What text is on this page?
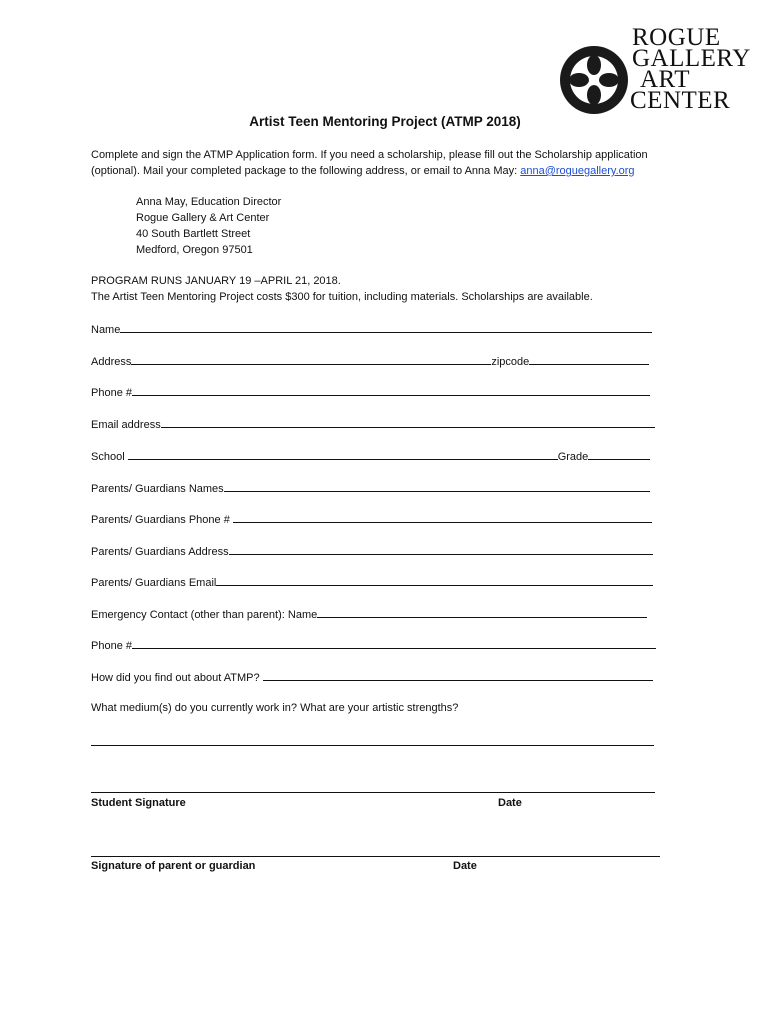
ROGUE
GALLERY
ART
CENTER
Artist Teen Mentoring Project (ATMP 2018)
Complete and sign the ATMP Application form. If you need a scholarship, please fill out the Scholarship application
(optional). Mail your completed package to the following address, or email to Anna May: anna@roguegallery.org
Anna May, Education Director
Rogue Gallery & Art Center
40 South Bartlett Street
Medford, Oregon 97501
PROGRAM RUNS JANUARY 19 –APRIL 21, 2018.
The Artist Teen Mentoring Project costs $300 for tuition, including materials. Scholarships are available.
Name
Address	zipcode
Phone #
Email address
School	Grade
Parents/ Guardians Names
Parents/ Guardians Phone #
Parents/ Guardians Address
Parents/ Guardians Email
Emergency Contact (other than parent): Name
Phone #
How did you find out about ATMP?
What medium(s) do you currently work in? What are your artistic strengths?
Student Signature	Date
Signature of parent or guardian	Date
